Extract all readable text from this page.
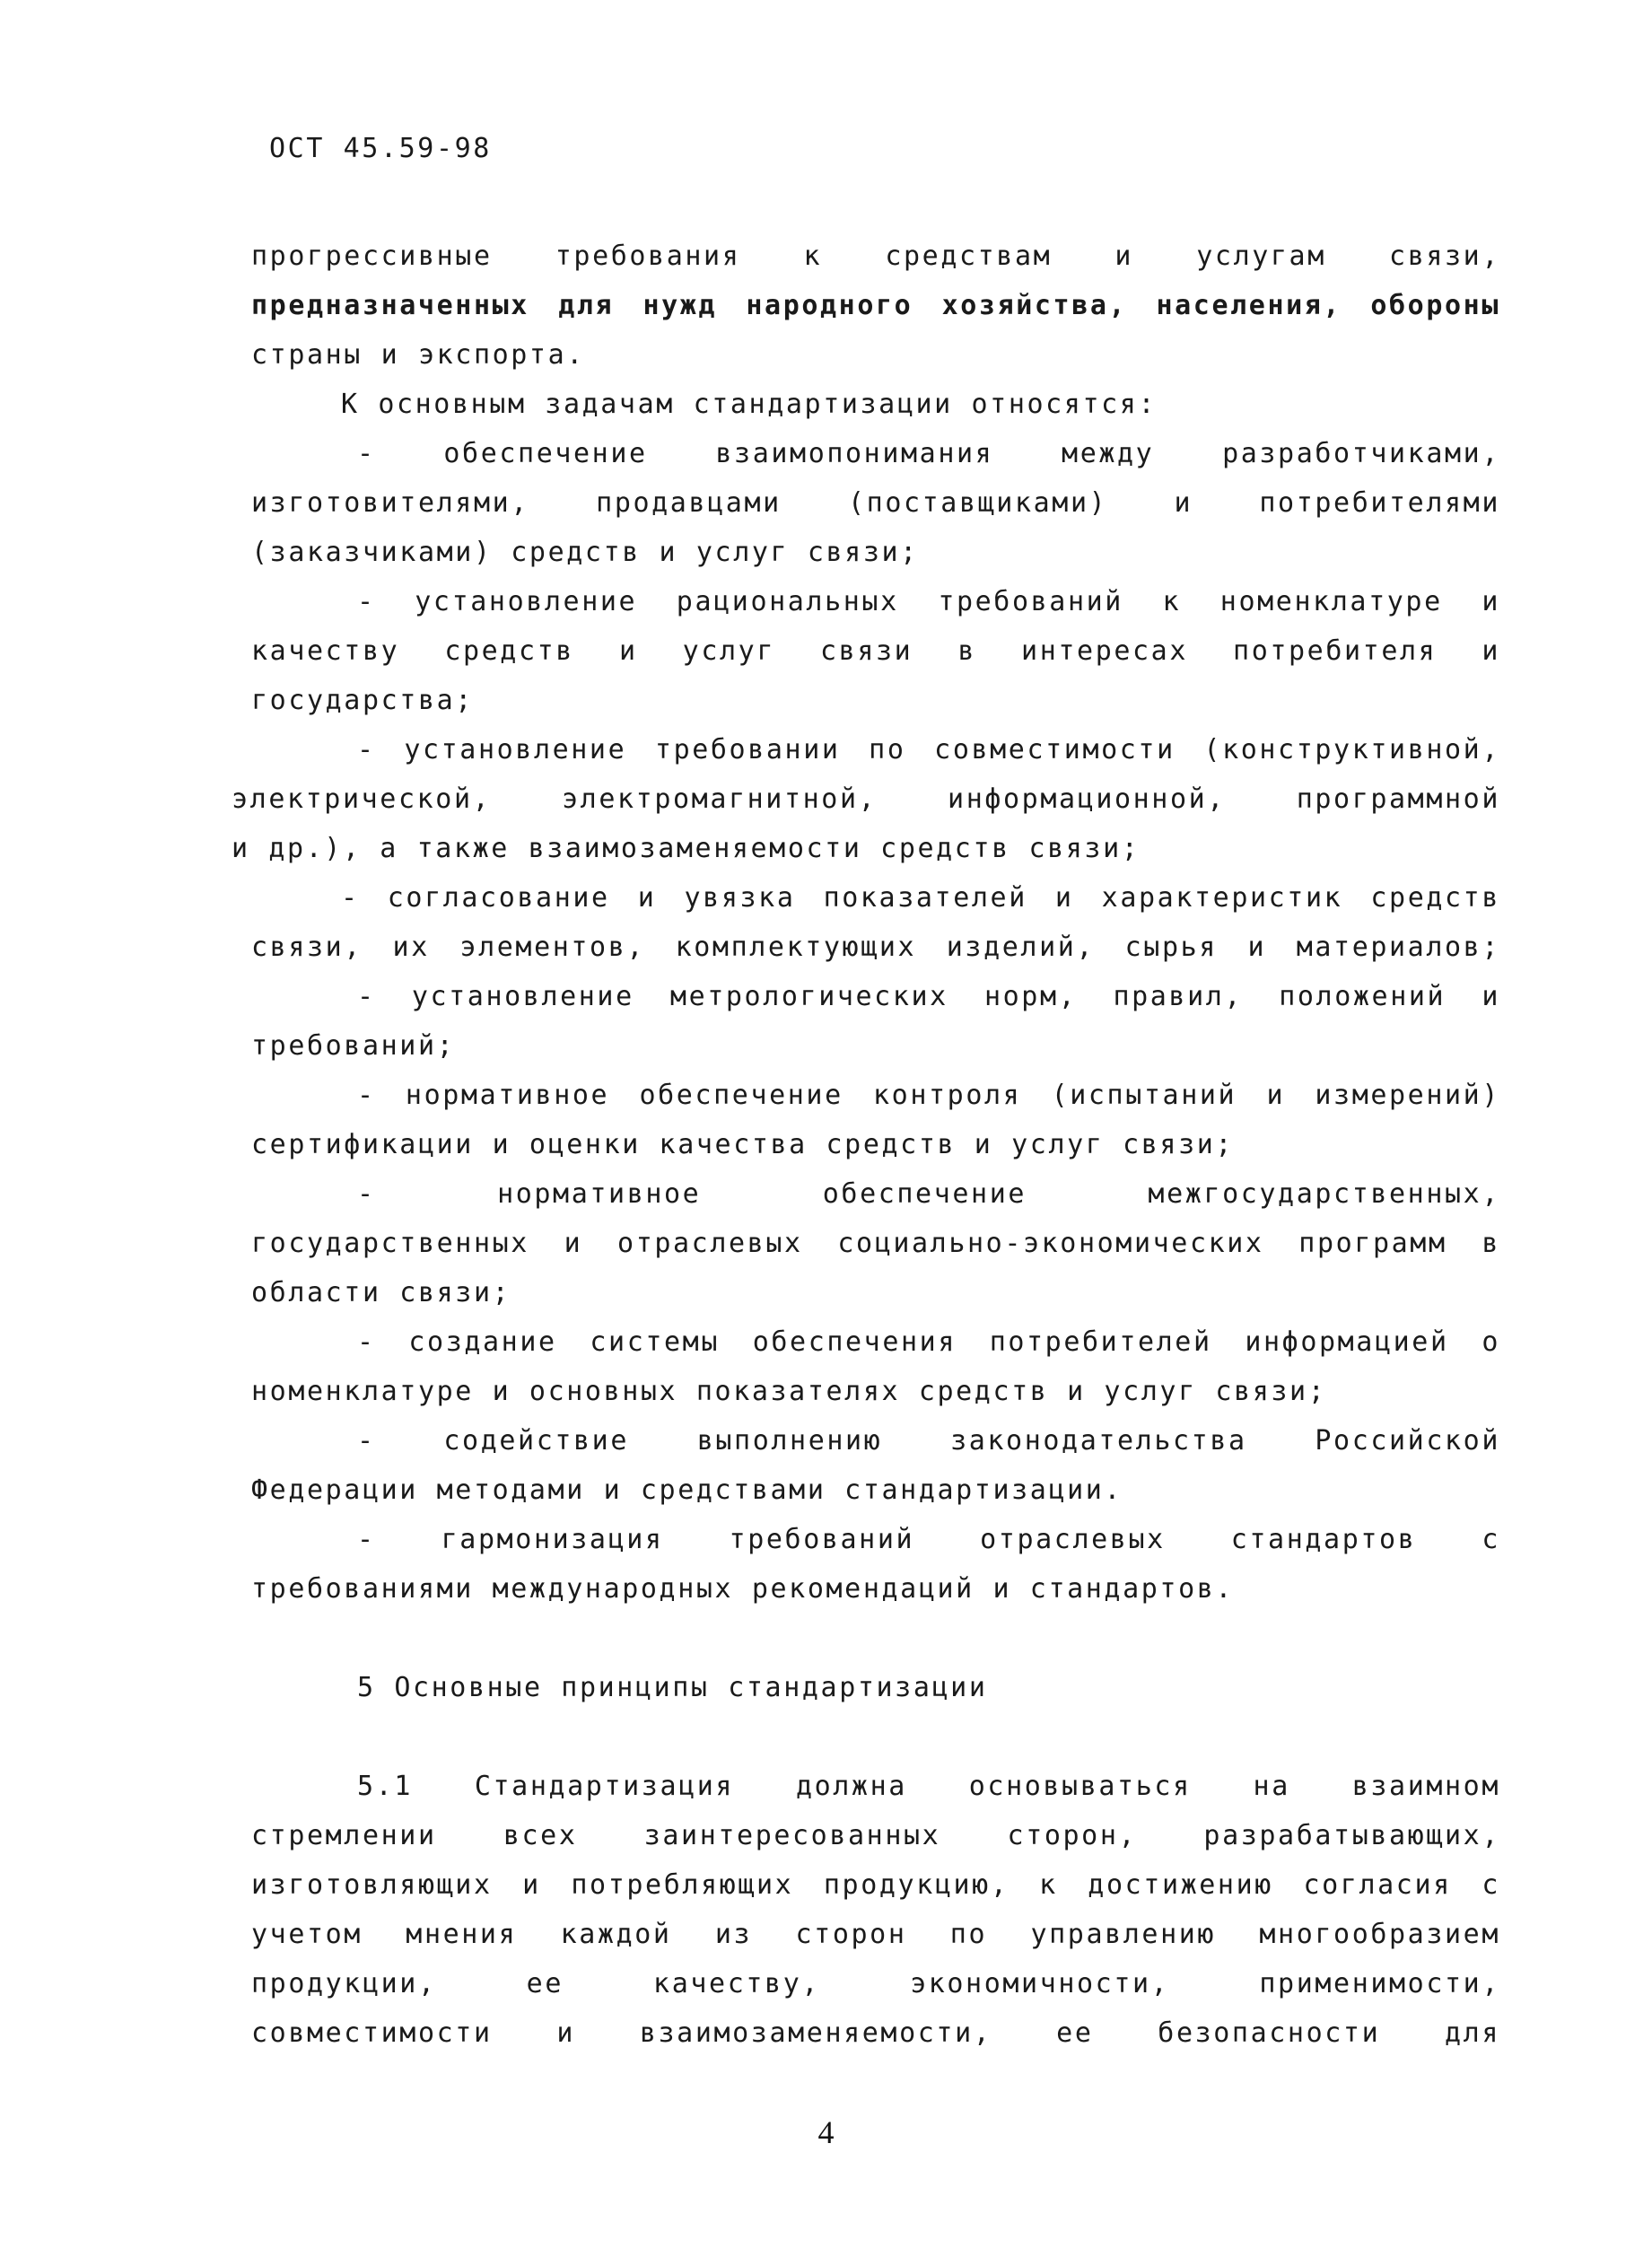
ОСТ 45.59-98
прогрессивные требования к средствам и услугам связи,
предназначенных для нужд народного хозяйства, населения, обороны
страны и экспорта.
К основным задачам стандартизации относятся:
- обеспечение взаимопонимания между разработчиками,
изготовителями, продавцами (поставщиками) и потребителями
(заказчиками) средств и услуг связи;
- установление рациональных требований к номенклатуре и
качеству средств и услуг связи в интересах потребителя и
государства;
- установление требовании по совместимости (конструктивной,
электрической, электромагнитной, информационной, программной
и др.), а также взаимозаменяемости средств связи;
- согласование и увязка показателей и характеристик средств
связи, их элементов, комплектующих изделий, сырья и материалов;
- установление метрологических норм, правил, положений и
требований;
- нормативное обеспечение контроля (испытаний и измерений)
сертификации и оценки качества средств и услуг связи;
- нормативное обеспечение межгосударственных,
государственных и отраслевых социально-экономических программ в
области связи;
- создание системы обеспечения потребителей информацией о
номенклатуре и основных показателях средств и услуг связи;
- содействие выполнению законодательства Российской
Федерации методами и средствами стандартизации.
- гармонизация требований отраслевых стандартов с
требованиями международных рекомендаций и стандартов.
5 Основные принципы стандартизации
5.1 Стандартизация должна основываться на взаимном
стремлении всех заинтересованных сторон, разрабатывающих,
изготовляющих и потребляющих продукцию, к достижению согласия с
учетом мнения каждой из сторон по управлению многообразием
продукции, ее качеству, экономичности, применимости,
совместимости и взаимозаменяемости, ее безопасности для
4
